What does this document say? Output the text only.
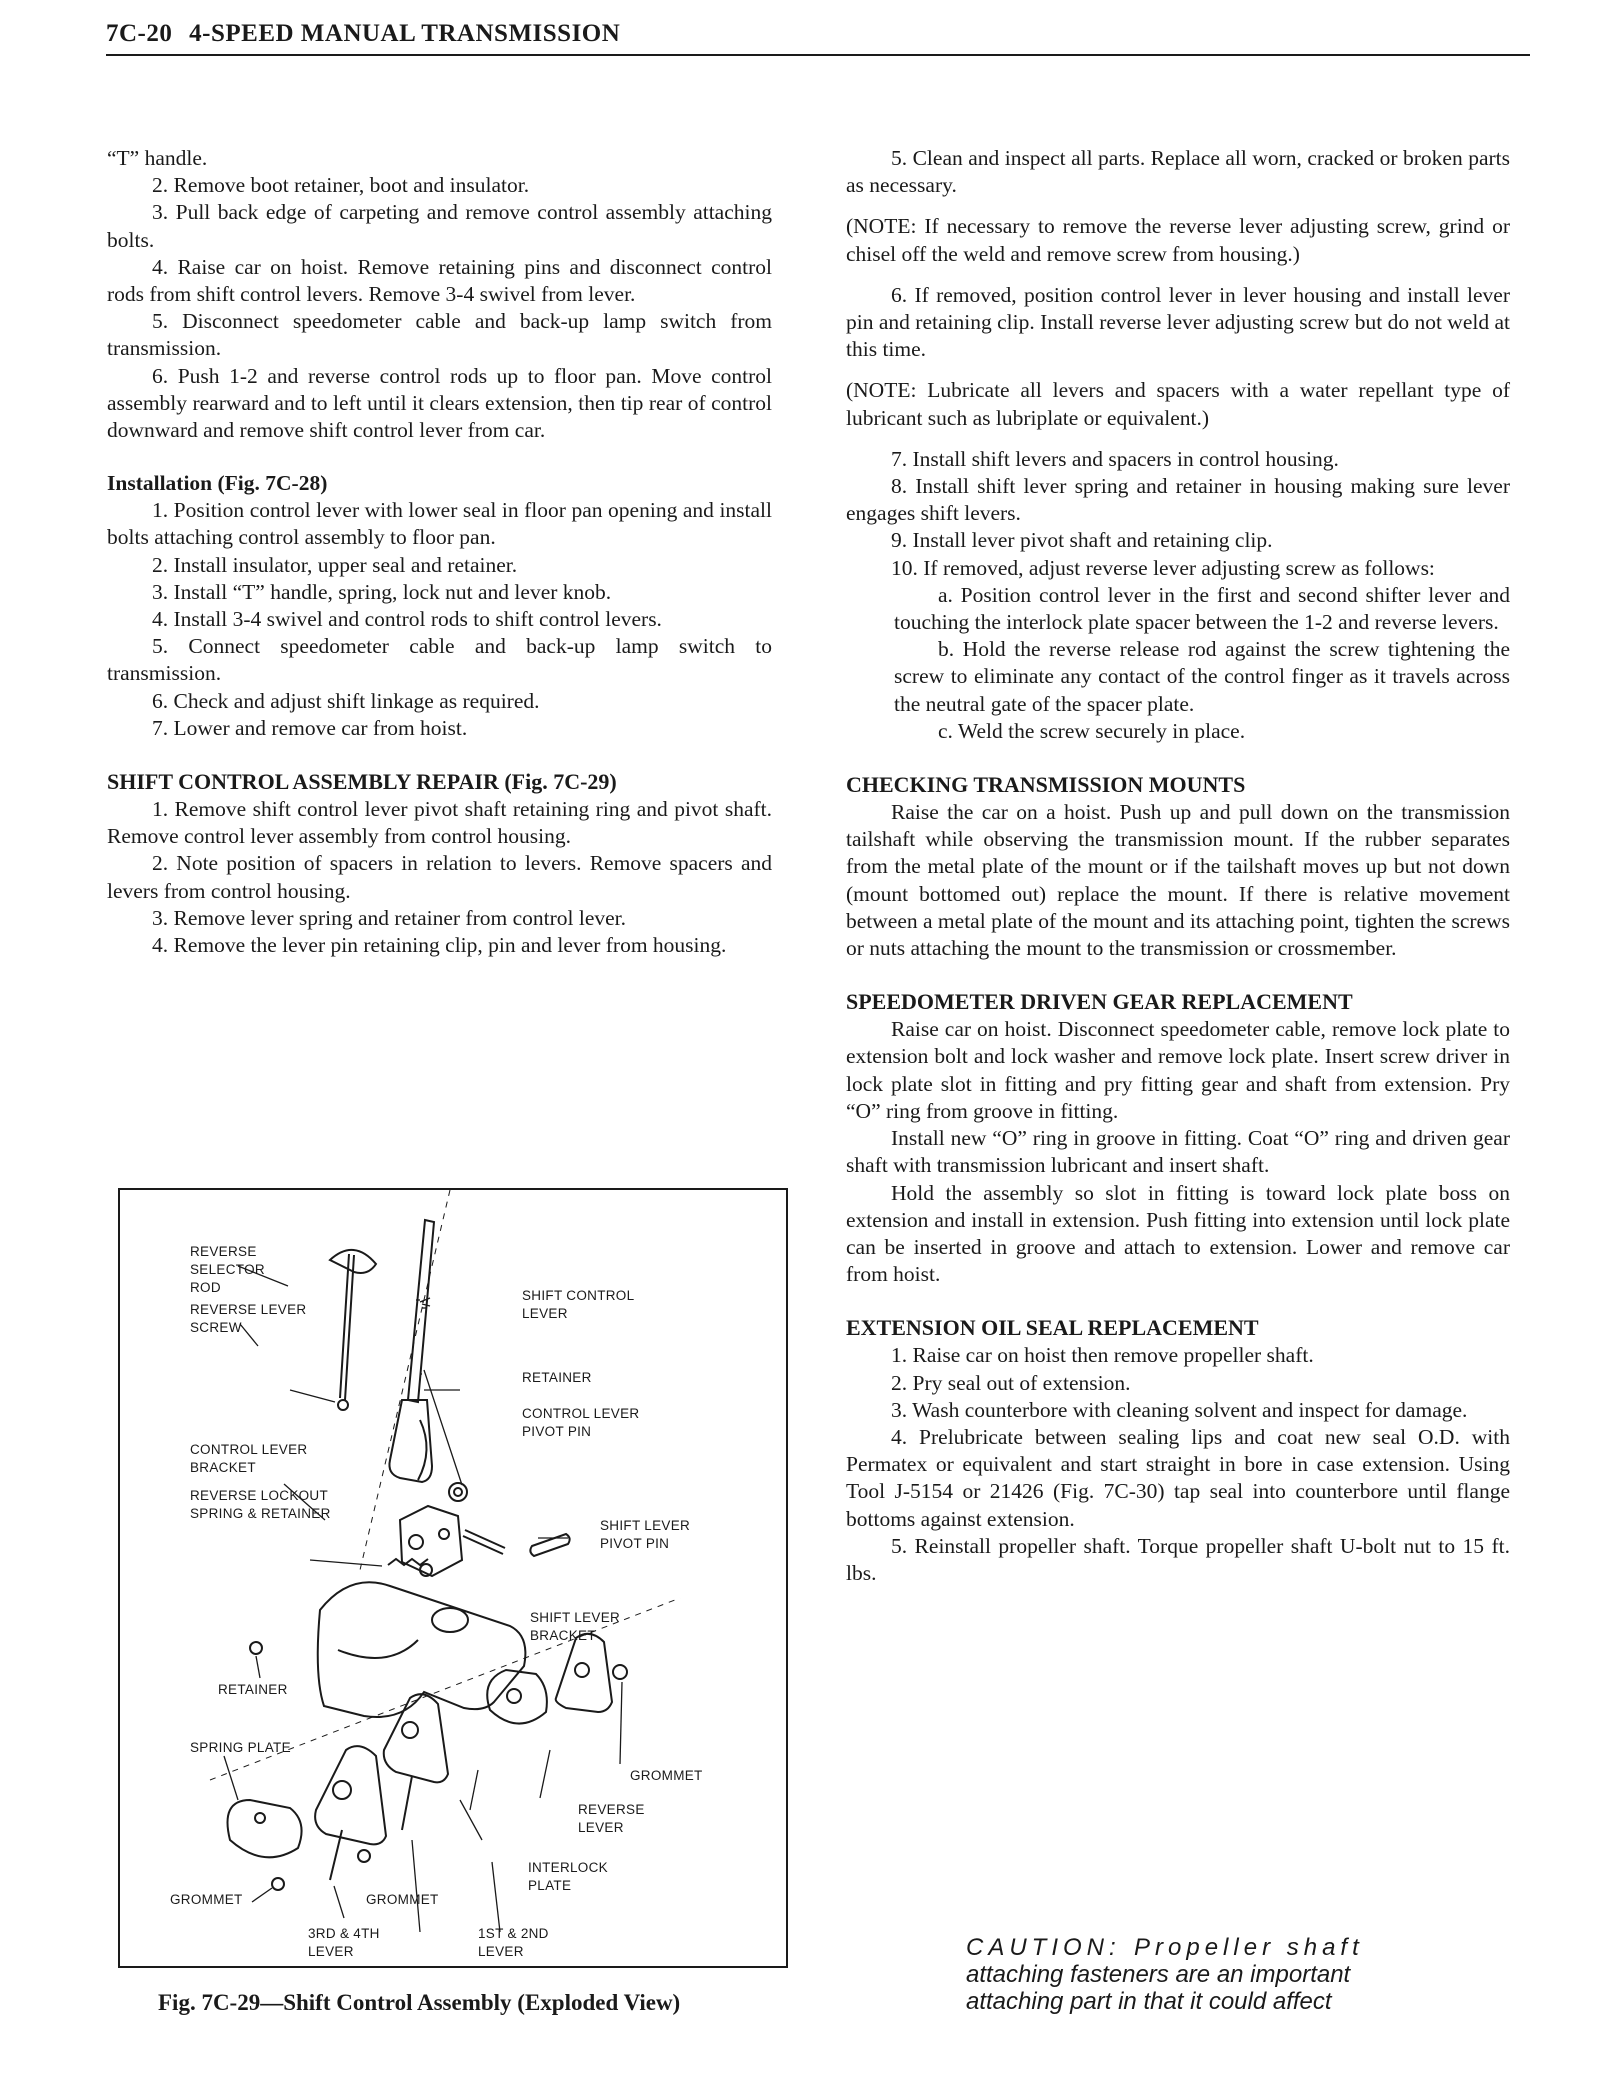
7C-20 4-SPEED MANUAL TRANSMISSION

“T” handle.

2. Remove boot retainer, boot and insulator.

3. Pull back edge of carpeting and remove control assembly attaching bolts.

4. Raise car on hoist. Remove retaining pins and disconnect control rods from shift control levers. Remove 3-4 swivel from lever.

5. Disconnect speedometer cable and back-up lamp switch from transmission.

6. Push 1-2 and reverse control rods up to floor pan. Move control assembly rearward and to left until it clears extension, then tip rear of control downward and remove shift control lever from car.

Installation (Fig. 7C-28)

1. Position control lever with lower seal in floor pan opening and install bolts attaching control assembly to floor pan.

2. Install insulator, upper seal and retainer.

3. Install “T” handle, spring, lock nut and lever knob.

4. Install 3-4 swivel and control rods to shift control levers.

5. Connect speedometer cable and back-up lamp switch to transmission.

6. Check and adjust shift linkage as required.

7. Lower and remove car from hoist.

SHIFT CONTROL ASSEMBLY REPAIR (Fig. 7C-29)

1. Remove shift control lever pivot shaft retaining ring and pivot shaft. Remove control lever assembly from control housing.

2. Note position of spacers in relation to levers. Remove spacers and levers from control housing.

3. Remove lever spring and retainer from control lever.

4. Remove the lever pin retaining clip, pin and lever from housing.

REVERSE SELECTOR ROD
REVERSE LEVER SCREW
SHIFT CONTROL LEVER
RETAINER
CONTROL LEVER BRACKET
CONTROL LEVER PIVOT PIN
REVERSE LOCKOUT SPRING & RETAINER
SHIFT LEVER PIVOT PIN
SHIFT LEVER BRACKET
RETAINER
SPRING PLATE
GROMMET
REVERSE LEVER
INTERLOCK PLATE
GROMMET	GROMMET
3RD & 4TH LEVER
1ST & 2ND LEVER
Fig. 7C-29—Shift Control Assembly (Exploded View)

5. Clean and inspect all parts. Replace all worn, cracked or broken parts as necessary.

(NOTE: If necessary to remove the reverse lever adjusting screw, grind or chisel off the weld and remove screw from housing.)

6. If removed, position control lever in lever housing and install lever pin and retaining clip. Install reverse lever adjusting screw but do not weld at this time.

(NOTE: Lubricate all levers and spacers with a water repellant type of lubricant such as lubriplate or equivalent.)

7. Install shift levers and spacers in control housing.

8. Install shift lever spring and retainer in housing making sure lever engages shift levers.

9. Install lever pivot shaft and retaining clip.

10. If removed, adjust reverse lever adjusting screw as follows:

a. Position control lever in the first and second shifter lever and touching the interlock plate spacer between the 1-2 and reverse levers.

b. Hold the reverse release rod against the screw tightening the screw to eliminate any contact of the control finger as it travels across the neutral gate of the spacer plate.

c. Weld the screw securely in place.

CHECKING TRANSMISSION MOUNTS

Raise the car on a hoist. Push up and pull down on the transmission tailshaft while observing the transmission mount. If the rubber separates from the metal plate of the mount or if the tailshaft moves up but not down (mount bottomed out) replace the mount. If there is relative movement between a metal plate of the mount and its attaching point, tighten the screws or nuts attaching the mount to the transmission or crossmember.

SPEEDOMETER DRIVEN GEAR REPLACEMENT

Raise car on hoist. Disconnect speedometer cable, remove lock plate to extension bolt and lock washer and remove lock plate. Insert screw driver in lock plate slot in fitting and pry fitting gear and shaft from extension. Pry “O” ring from groove in fitting.

Install new “O” ring in groove in fitting. Coat “O” ring and driven gear shaft with transmission lubricant and insert shaft.

Hold the assembly so slot in fitting is toward lock plate boss on extension and install in extension. Push fitting into extension until lock plate can be inserted in groove and attach to extension. Lower and remove car from hoist.

EXTENSION OIL SEAL REPLACEMENT

1. Raise car on hoist then remove propeller shaft.

2. Pry seal out of extension.

3. Wash counterbore with cleaning solvent and inspect for damage.

4. Prelubricate between sealing lips and coat new seal O.D. with Permatex or equivalent and start straight in bore in case extension. Using Tool J-5154 or 21426 (Fig. 7C-30) tap seal into counterbore until flange bottoms against extension.

5. Reinstall propeller shaft. Torque propeller shaft U-bolt nut to 15 ft. lbs.

CAUTION: Propeller shaft
attaching fasteners are an important
attaching part in that it could affect
